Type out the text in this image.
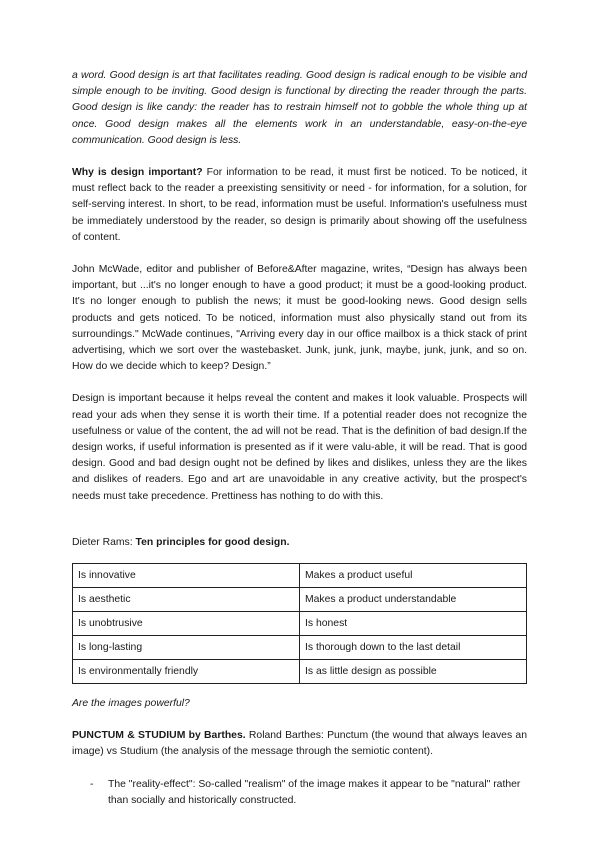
a word. Good design is art that facilitates reading. Good design is radical enough to be visible and simple enough to be inviting. Good design is functional by directing the reader through the parts. Good design is like candy: the reader has to restrain himself not to gobble the whole thing up at once. Good design makes all the elements work in an understandable, easy-on-the-eye communication. Good design is less.

Why is design important? For information to be read, it must first be noticed. To be noticed, it must reflect back to the reader a preexisting sensitivity or need - for information, for a solution, for self-serving interest. In short, to be read, information must be useful. Information's usefulness must be immediately understood by the reader, so design is primarily about showing off the usefulness of content.

John McWade, editor and publisher of Before&After magazine, writes, “Design has always been important, but ...it's no longer enough to have a good product; it must be a good-looking product. It's no longer enough to publish the news; it must be good-looking news. Good design sells products and gets noticed. To be noticed, information must also physically stand out from its surroundings." McWade continues, "Arriving every day in our office mailbox is a thick stack of print advertising, which we sort over the wastebasket. Junk, junk, junk, maybe, junk, junk, and so on. How do we decide which to keep? Design.”

Design is important because it helps reveal the content and makes it look valuable. Prospects will read your ads when they sense it is worth their time. If a potential reader does not recognize the usefulness or value of the content, the ad will not be read. That is the definition of bad design.If the design works, if useful information is presented as if it were valu-able, it will be read. That is good design. Good and bad design ought not be defined by likes and dislikes, unless they are the likes and dislikes of readers. Ego and art are unavoidable in any creative activity, but the prospect's needs must take precedence. Prettiness has nothing to do with this.

Dieter Rams: Ten principles for good design.

Is innovative	Makes a product useful
Is aesthetic	Makes a product understandable
Is unobtrusive	Is honest
Is long-lasting	Is thorough down to the last detail
Is environmentally friendly	Is as little design as possible

Are the images powerful?

PUNCTUM & STUDIUM by Barthes. Roland Barthes: Punctum (the wound that always leaves an image) vs Studium (the analysis of the message through the semiotic content).

-	The "reality-effect": So-called "realism" of the image makes it appear to be "natural" rather than socially and historically constructed.
